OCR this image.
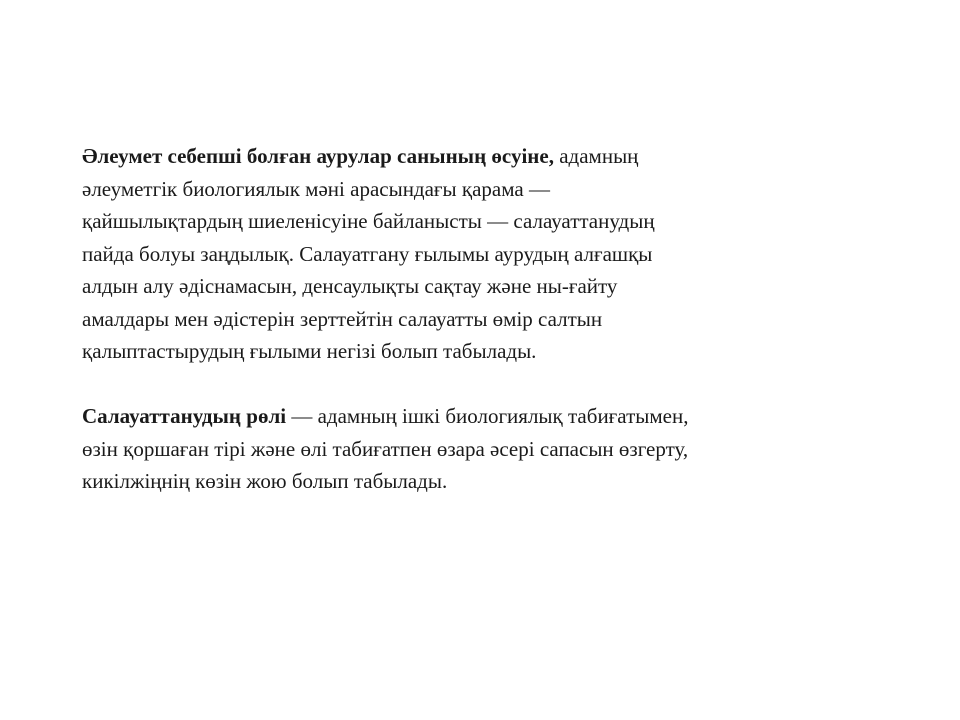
Әлеумет себепші болған аурулар санының өсуіне, адамның
әлеуметгік биологиялык мәні арасындағы қарама —
қайшылықтардың шиеленісуіне байланысты — салауаттанудың
пайда болуы заңдылық. Салауатгану ғылымы аурудың алғашқы
алдын алу әдіснамасын, денсаулықты сақтау және ны-ғайту
амалдары мен әдістерін зерттейтін салауатты өмір салтын
қалыптастырудың ғылыми негізі болып табылады.
Салауаттанудың рөлі — адамның ішкі биологиялық табиғатымен,
өзін қоршаған тірі және өлі табиғатпен өзара әсері сапасын өзгерту,
кикілжіңнің көзін жою болып табылады.
